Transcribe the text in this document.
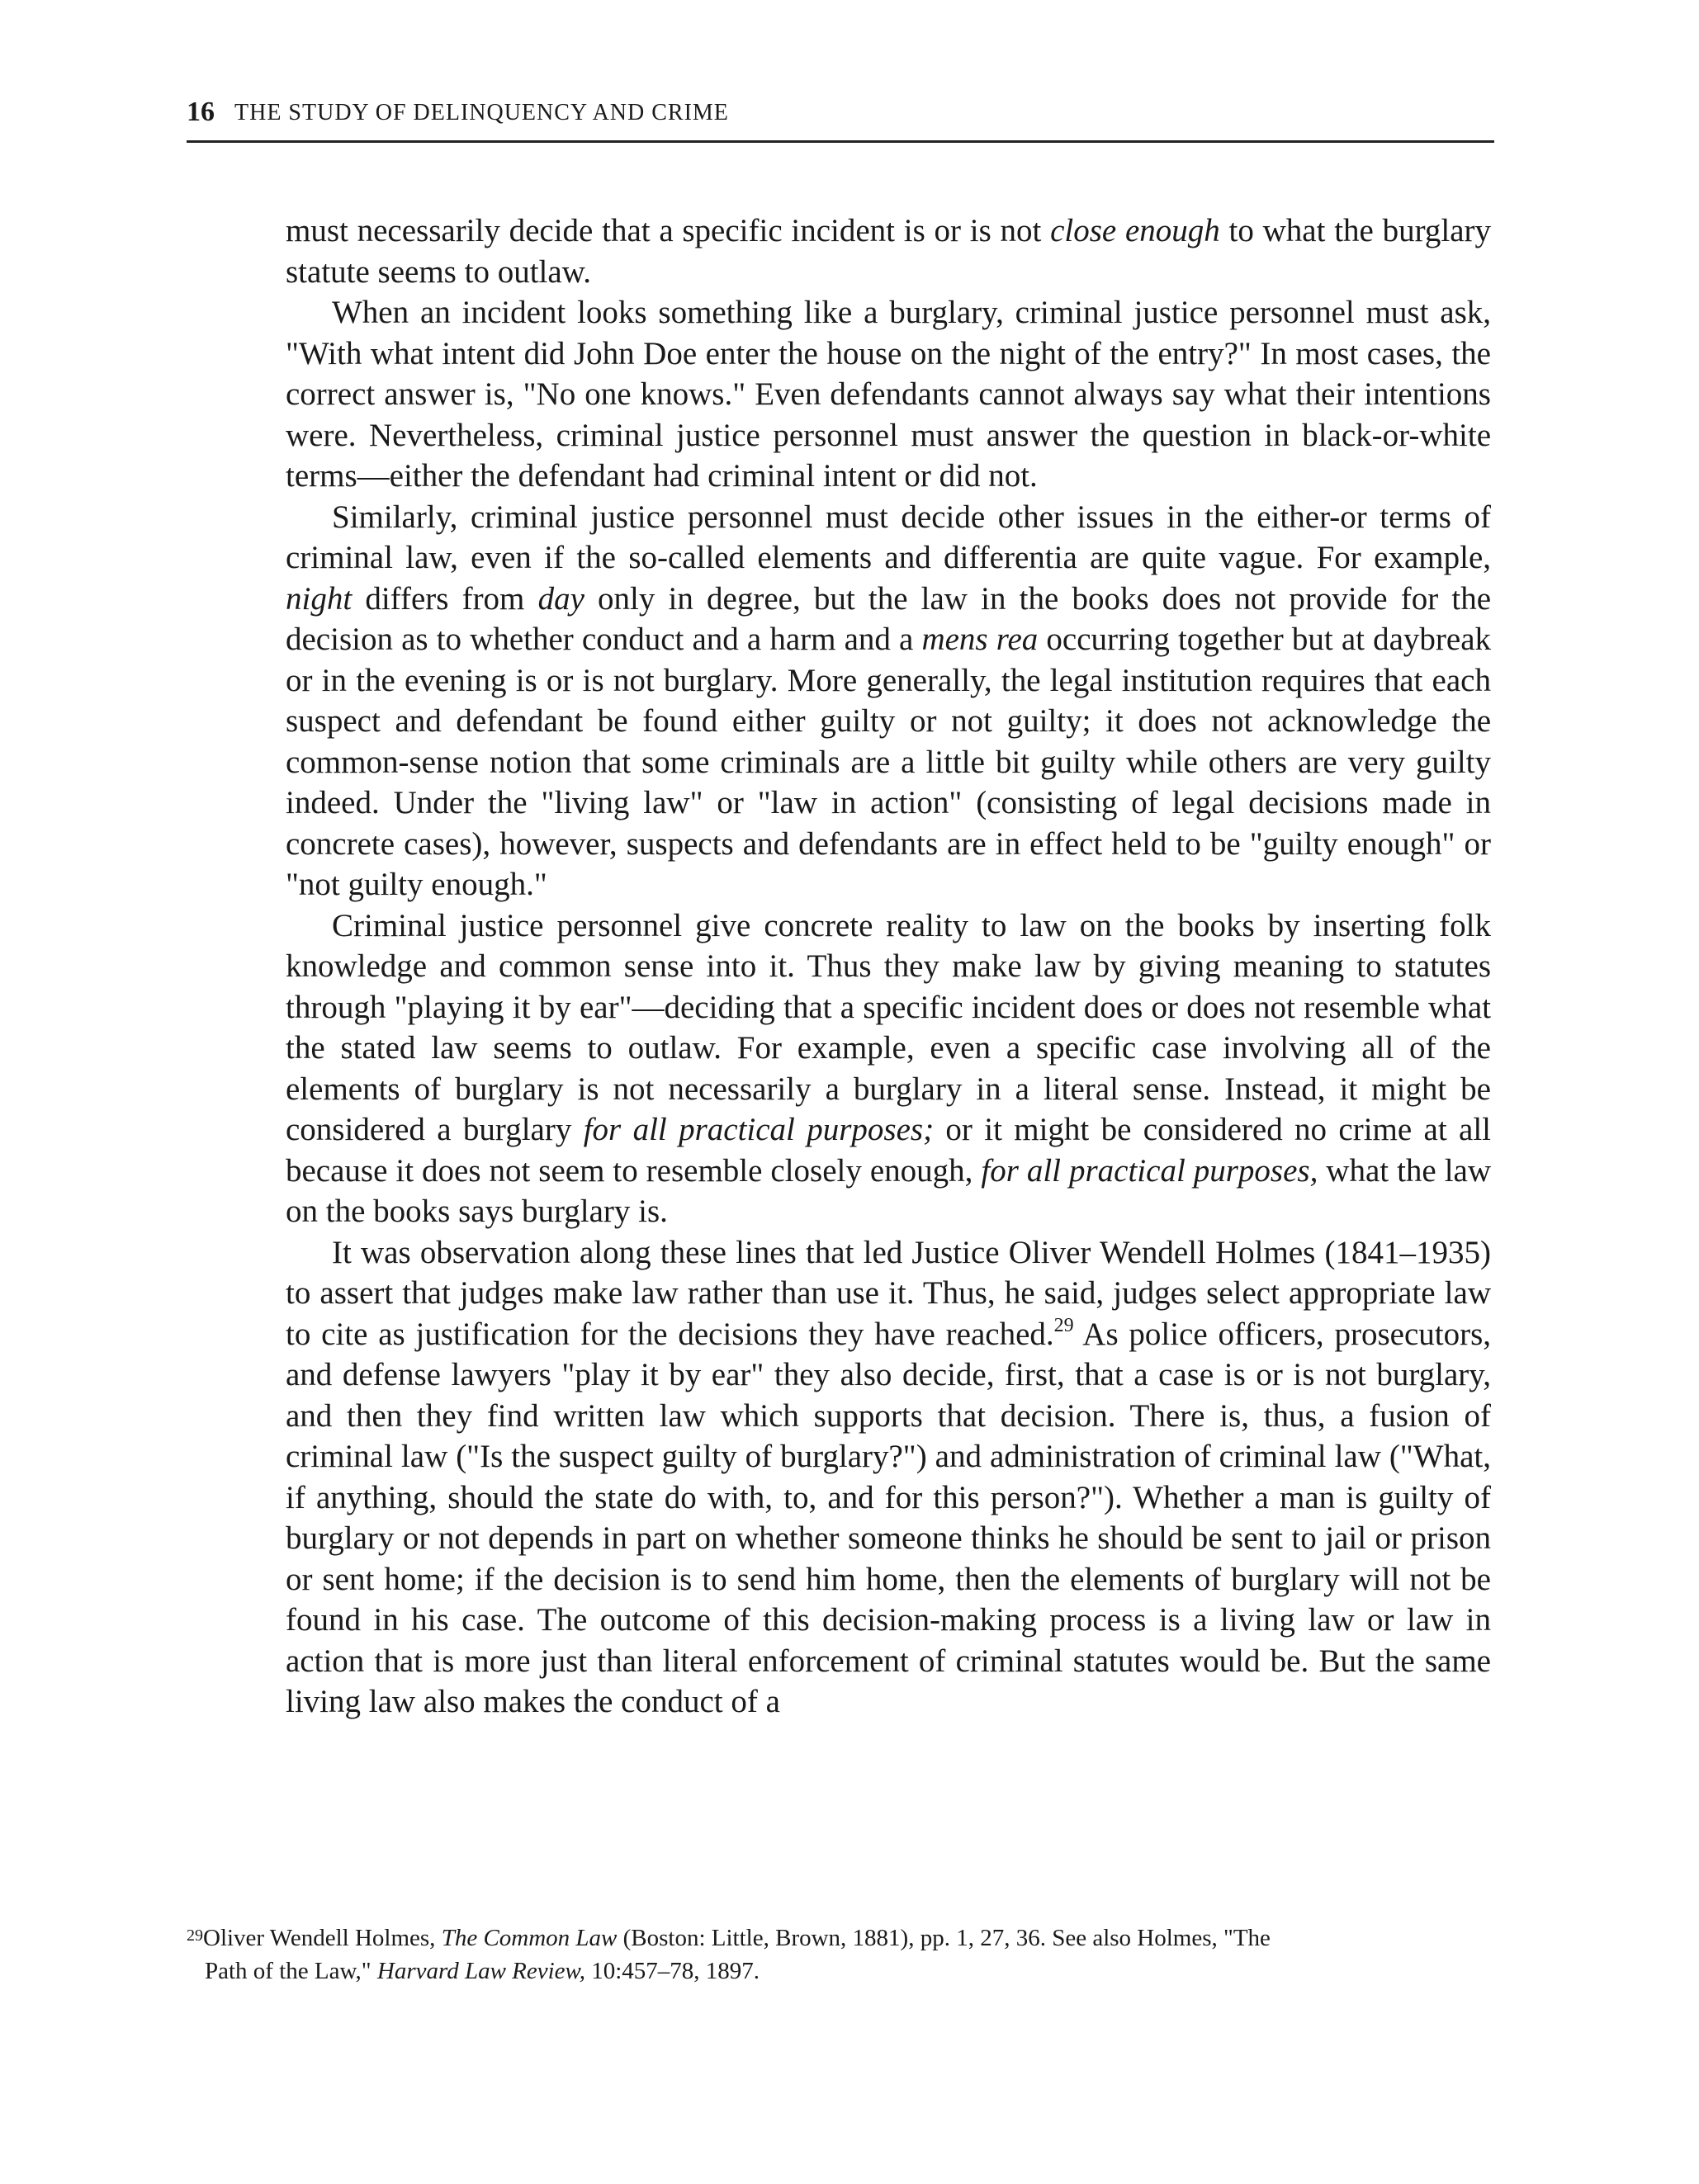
16 THE STUDY OF DELINQUENCY AND CRIME

must necessarily decide that a specific incident is or is not close enough to what the burglary statute seems to outlaw.

When an incident looks something like a burglary, criminal justice personnel must ask, "With what intent did John Doe enter the house on the night of the entry?" In most cases, the correct answer is, "No one knows." Even defendants cannot always say what their intentions were. Nevertheless, criminal justice personnel must answer the question in black-or-white terms—either the defendant had criminal intent or did not.

Similarly, criminal justice personnel must decide other issues in the either-or terms of criminal law, even if the so-called elements and differentia are quite vague. For example, night differs from day only in degree, but the law in the books does not provide for the decision as to whether conduct and a harm and a mens rea occurring together but at daybreak or in the evening is or is not burglary. More generally, the legal institution requires that each suspect and defendant be found either guilty or not guilty; it does not acknowledge the common-sense notion that some criminals are a little bit guilty while others are very guilty indeed. Under the "living law" or "law in action" (consisting of legal decisions made in concrete cases), however, suspects and defendants are in effect held to be "guilty enough" or "not guilty enough."

Criminal justice personnel give concrete reality to law on the books by inserting folk knowledge and common sense into it. Thus they make law by giving meaning to statutes through "playing it by ear"—deciding that a specific incident does or does not resemble what the stated law seems to outlaw. For example, even a specific case involving all of the elements of burglary is not necessarily a burglary in a literal sense. Instead, it might be considered a burglary for all practical purposes; or it might be considered no crime at all because it does not seem to resemble closely enough, for all practical purposes, what the law on the books says burglary is.

It was observation along these lines that led Justice Oliver Wendell Holmes (1841–1935) to assert that judges make law rather than use it. Thus, he said, judges select appropriate law to cite as justification for the decisions they have reached.$^{29}$ As police officers, prosecutors, and defense lawyers "play it by ear" they also decide, first, that a case is or is not burglary, and then they find written law which supports that decision. There is, thus, a fusion of criminal law ("Is the suspect guilty of burglary?") and administration of criminal law ("What, if anything, should the state do with, to, and for this person?"). Whether a man is guilty of burglary or not depends in part on whether someone thinks he should be sent to jail or prison or sent home; if the decision is to send him home, then the elements of burglary will not be found in his case. The outcome of this decision-making process is a living law or law in action that is more just than literal enforcement of criminal statutes would be. But the same living law also makes the conduct of a

$^{29}$Oliver Wendell Holmes, The Common Law (Boston: Little, Brown, 1881), pp. 1, 27, 36. See also Holmes, "The

Path of the Law," Harvard Law Review, 10:457–78, 1897.
